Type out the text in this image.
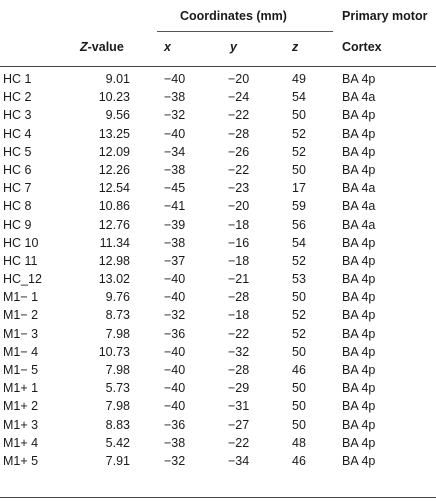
Coordinates (mm)	Primary motor
Z-value	x	y	z	Cortex
HC 1	9.01	−40	−20	49	BA 4p
HC 2	10.23	−38	−24	54	BA 4a
HC 3	9.56	−32	−22	50	BA 4p
HC 4	13.25	−40	−28	52	BA 4p
HC 5	12.09	−34	−26	52	BA 4p
HC 6	12.26	−38	−22	50	BA 4p
HC 7	12.54	−45	−23	17	BA 4a
HC 8	10.86	−41	−20	59	BA 4a
HC 9	12.76	−39	−18	56	BA 4a
HC 10	11.34	−38	−16	54	BA 4p
HC 11	12.98	−37	−18	52	BA 4p
HC_12	13.02	−40	−21	53	BA 4p
M1− 1	9.76	−40	−28	50	BA 4p
M1− 2	8.73	−32	−18	52	BA 4p
M1− 3	7.98	−36	−22	52	BA 4p
M1− 4	10.73	−40	−32	50	BA 4p
M1− 5	7.98	−40	−28	46	BA 4p
M1+ 1	5.73	−40	−29	50	BA 4p
M1+ 2	7.98	−40	−31	50	BA 4p
M1+ 3	8.83	−36	−27	50	BA 4p
M1+ 4	5.42	−38	−22	48	BA 4p
M1+ 5	7.91	−32	−34	46	BA 4p
